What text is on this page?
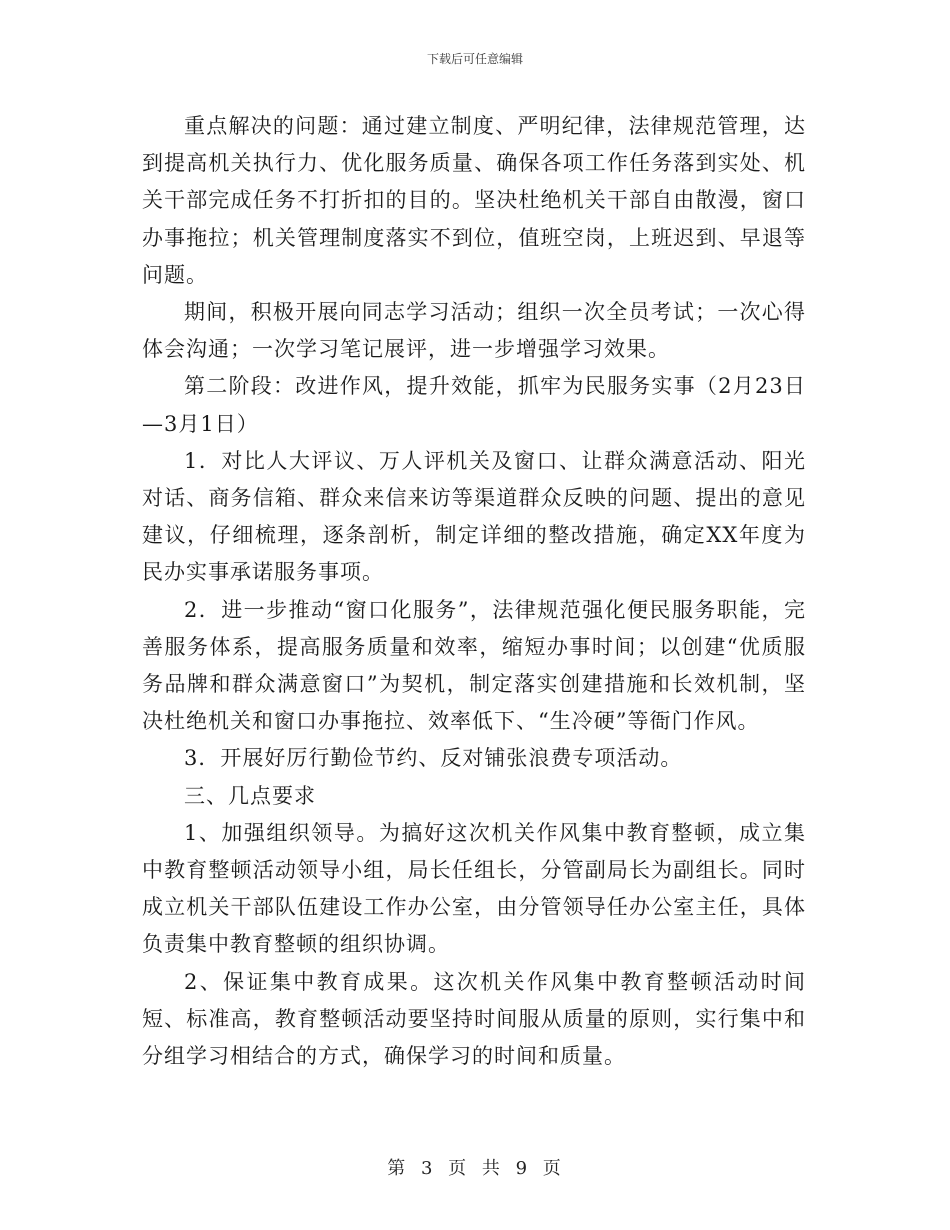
下载后可任意编辑

重点解决的问题：通过建立制度、严明纪律，法律规范管理，达到提高机关执行力、优化服务质量、确保各项工作任务落到实处、机关干部完成任务不打折扣的目的。坚决杜绝机关干部自由散漫，窗口办事拖拉；机关管理制度落实不到位，值班空岗，上班迟到、早退等问题。

期间，积极开展向同志学习活动；组织一次全员考试；一次心得体会沟通；一次学习笔记展评，进一步增强学习效果。

第二阶段：改进作风，提升效能，抓牢为民服务实事（2月23日—3月1日）

1．对比人大评议、万人评机关及窗口、让群众满意活动、阳光对话、商务信箱、群众来信来访等渠道群众反映的问题、提出的意见建议，仔细梳理，逐条剖析，制定详细的整改措施，确定XX年度为民办实事承诺服务事项。

2．进一步推动“窗口化服务”，法律规范强化便民服务职能，完善服务体系，提高服务质量和效率，缩短办事时间；以创建“优质服务品牌和群众满意窗口”为契机，制定落实创建措施和长效机制，坚决杜绝机关和窗口办事拖拉、效率低下、“生冷硬”等衙门作风。

3．开展好厉行勤俭节约、反对铺张浪费专项活动。

三、几点要求

1、加强组织领导。为搞好这次机关作风集中教育整顿，成立集中教育整顿活动领导小组，局长任组长，分管副局长为副组长。同时成立机关干部队伍建设工作办公室，由分管领导任办公室主任，具体负责集中教育整顿的组织协调。

2、保证集中教育成果。这次机关作风集中教育整顿活动时间短、标准高，教育整顿活动要坚持时间服从质量的原则，实行集中和分组学习相结合的方式，确保学习的时间和质量。

第 3 页 共 9 页
